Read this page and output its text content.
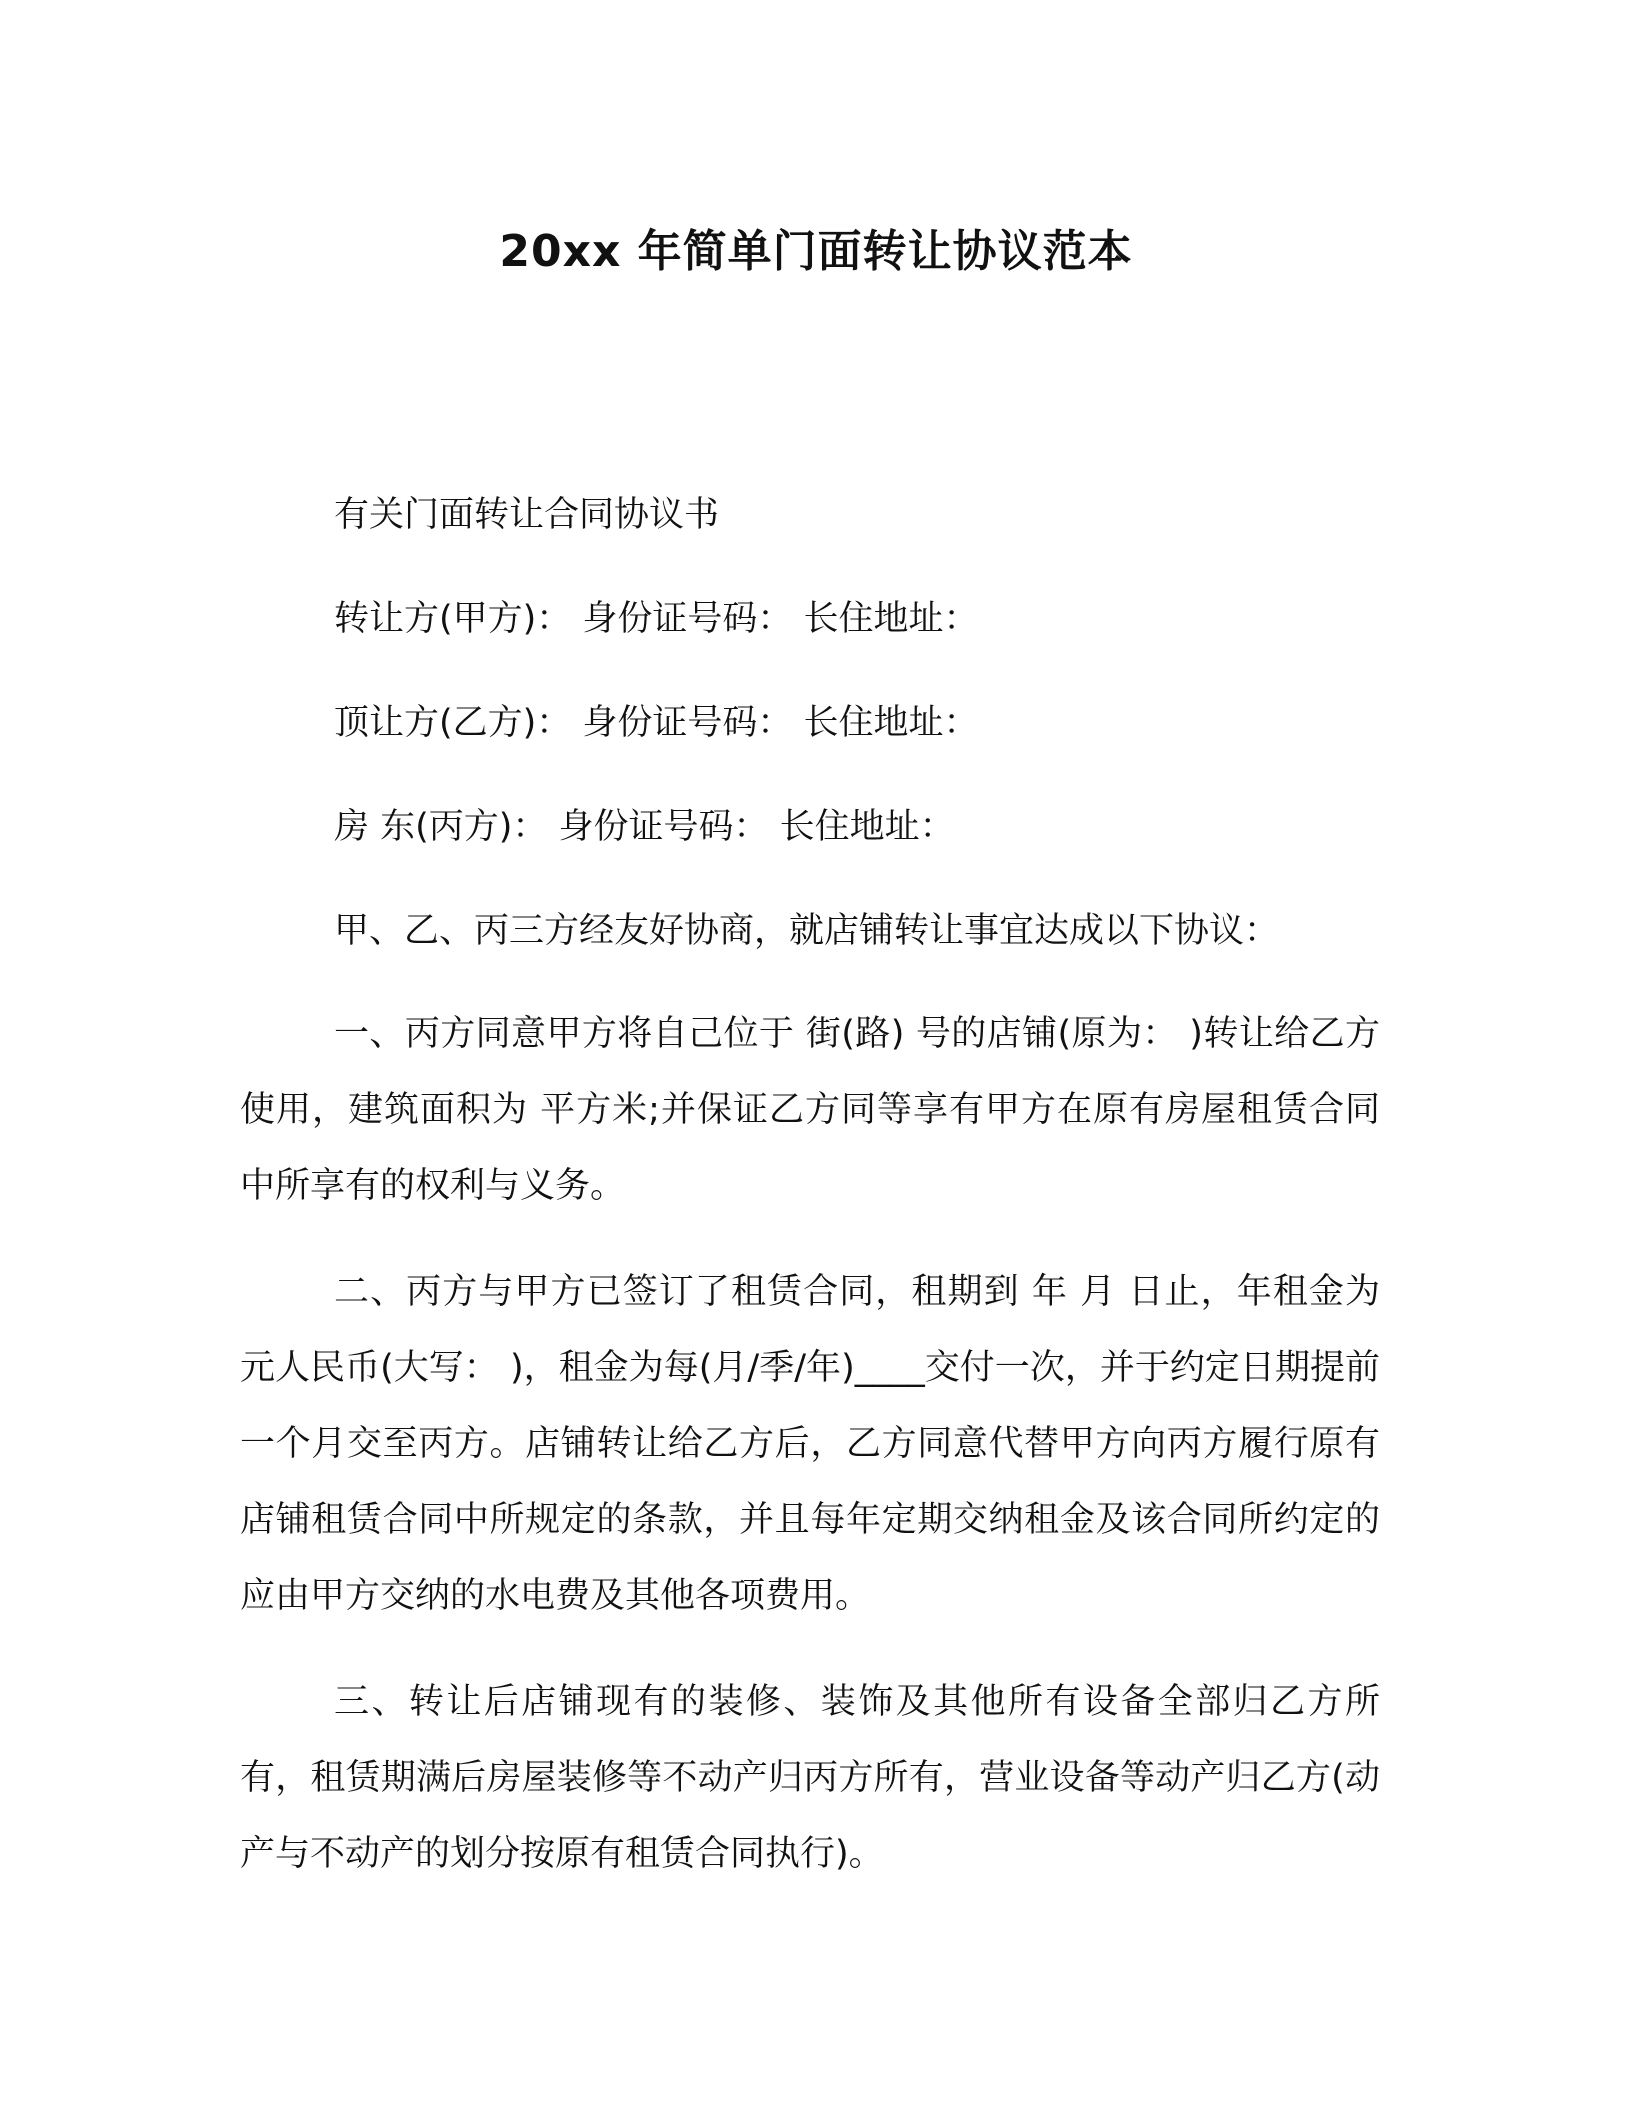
20xx 年简单门面转让协议范本

有关门面转让合同协议书

转让方(甲方)： 身份证号码： 长住地址：

顶让方(乙方)： 身份证号码： 长住地址：

房 东(丙方)： 身份证号码： 长住地址：

甲、乙、丙三方经友好协商，就店铺转让事宜达成以下协议：

一、丙方同意甲方将自己位于 街(路) 号的店铺(原为： )转让给乙方使用，建筑面积为 平方米;并保证乙方同等享有甲方在原有房屋租赁合同中所享有的权利与义务。

二、丙方与甲方已签订了租赁合同，租期到 年 月 日止，年租金为 元人民币(大写： )，租金为每(月/季/年)____交付一次，并于约定日期提前一个月交至丙方。店铺转让给乙方后，乙方同意代替甲方向丙方履行原有店铺租赁合同中所规定的条款，并且每年定期交纳租金及该合同所约定的应由甲方交纳的水电费及其他各项费用。

三、转让后店铺现有的装修、装饰及其他所有设备全部归乙方所有，租赁期满后房屋装修等不动产归丙方所有，营业设备等动产归乙方(动产与不动产的划分按原有租赁合同执行)。
